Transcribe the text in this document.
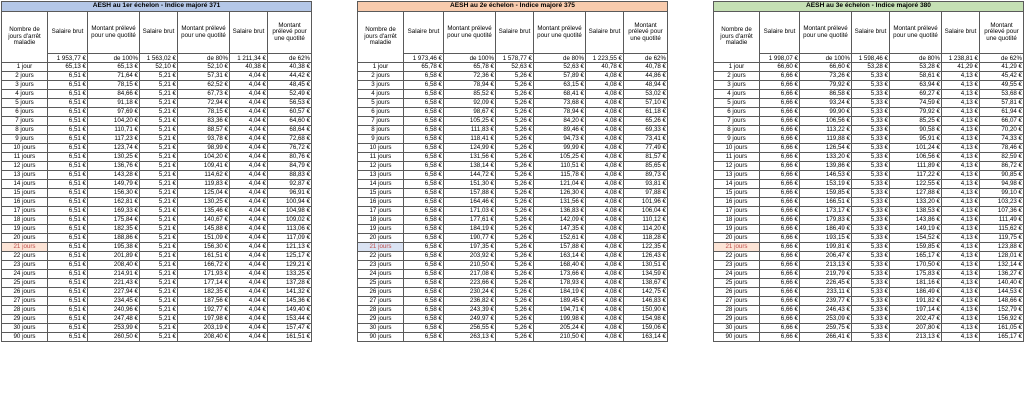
AESH au 1er échelon - Indice majoré 371						
Nombre de jours d'arrêt maladie	Salaire brut	Montant prélevé pour une quotité	Salaire brut	Montant prélevé pour une quotité	Salaire brut	Montant prélevé pour une quotité
	1 953,77 €	de 100%	1 563,02 €	de 80%	1 211,34 €	de 62%
1 jour	65,13 €	65,13 €	52,10 €	52,10 €	40,38 €	40,38 €
2 jours	6,51 €	71,64 €	5,21 €	57,31 €	4,04 €	44,42 €
3 jours	6,51 €	78,15 €	5,21 €	62,52 €	4,04 €	48,45 €
4 jours	6,51 €	84,66 €	5,21 €	67,73 €	4,04 €	52,49 €
5 jours	6,51 €	91,18 €	5,21 €	72,94 €	4,04 €	56,53 €
6 jours	6,51 €	97,69 €	5,21 €	78,15 €	4,04 €	60,57 €
7 jours	6,51 €	104,20 €	5,21 €	83,36 €	4,04 €	64,60 €
8 jours	6,51 €	110,71 €	5,21 €	88,57 €	4,04 €	68,64 €
9 jours	6,51 €	117,23 €	5,21 €	93,78 €	4,04 €	72,68 €
10 jours	6,51 €	123,74 €	5,21 €	98,99 €	4,04 €	76,72 €
11 jours	6,51 €	130,25 €	5,21 €	104,20 €	4,04 €	80,76 €
12 jours	6,51 €	136,76 €	5,21 €	109,41 €	4,04 €	84,79 €
13 jours	6,51 €	143,28 €	5,21 €	114,62 €	4,04 €	88,83 €
14 jours	6,51 €	149,79 €	5,21 €	119,83 €	4,04 €	92,87 €
15 jours	6,51 €	156,30 €	5,21 €	125,04 €	4,04 €	96,91 €
16 jours	6,51 €	162,81 €	5,21 €	130,25 €	4,04 €	100,94 €
17 jours	6,51 €	169,33 €	5,21 €	135,46 €	4,04 €	104,98 €
18 jours	6,51 €	175,84 €	5,21 €	140,67 €	4,04 €	109,02 €
19 jours	6,51 €	182,35 €	5,21 €	145,88 €	4,04 €	113,06 €
20 jours	6,51 €	188,86 €	5,21 €	151,09 €	4,04 €	117,09 €
21 jours	6,51 €	195,38 €	5,21 €	156,30 €	4,04 €	121,13 €
22 jours	6,51 €	201,89 €	5,21 €	161,51 €	4,04 €	125,17 €
23 jours	6,51 €	208,40 €	5,21 €	166,72 €	4,04 €	129,21 €
24 jours	6,51 €	214,91 €	5,21 €	171,93 €	4,04 €	133,25 €
25 jours	6,51 €	221,43 €	5,21 €	177,14 €	4,04 €	137,28 €
26 jours	6,51 €	227,94 €	5,21 €	182,35 €	4,04 €	141,32 €
27 jours	6,51 €	234,45 €	5,21 €	187,56 €	4,04 €	145,36 €
28 jours	6,51 €	240,96 €	5,21 €	192,77 €	4,04 €	149,40 €
29 jours	6,51 €	247,48 €	5,21 €	197,98 €	4,04 €	153,44 €
30 jours	6,51 €	253,99 €	5,21 €	203,19 €	4,04 €	157,47 €
90 jours	6,51 €	260,50 €	5,21 €	208,40 €	4,04 €	161,51 €
AESH au 2e échelon - Indice majoré 375						
Nombre de jours d'arrêt maladie	Salaire brut	Montant prélevé pour une quotité	Salaire brut	Montant prélevé pour une quotité	Salaire brut	Montant prélevé pour une quotité
	1 973,46 €	de 100%	1 578,77 €	de 80%	1 223,55 €	de 62%
1 jour	65,78 €	65,78 €	52,63 €	52,63 €	40,78 €	40,78 €
2 jours	6,58 €	72,36 €	5,26 €	57,89 €	4,08 €	44,86 €
3 jours	6,58 €	78,94 €	5,26 €	63,15 €	4,08 €	48,94 €
4 jours	6,58 €	85,52 €	5,26 €	68,41 €	4,08 €	53,02 €
5 jours	6,58 €	92,09 €	5,26 €	73,68 €	4,08 €	57,10 €
6 jours	6,58 €	98,67 €	5,26 €	78,94 €	4,08 €	61,18 €
7 jours	6,58 €	105,25 €	5,26 €	84,20 €	4,08 €	65,26 €
8 jours	6,58 €	111,83 €	5,26 €	89,46 €	4,08 €	69,33 €
9 jours	6,58 €	118,41 €	5,26 €	94,73 €	4,08 €	73,41 €
10 jours	6,58 €	124,99 €	5,26 €	99,99 €	4,08 €	77,49 €
11 jours	6,58 €	131,56 €	5,26 €	105,25 €	4,08 €	81,57 €
12 jours	6,58 €	138,14 €	5,26 €	110,51 €	4,08 €	85,65 €
13 jours	6,58 €	144,72 €	5,26 €	115,78 €	4,08 €	89,73 €
14 jours	6,58 €	151,30 €	5,26 €	121,04 €	4,08 €	93,81 €
15 jours	6,58 €	157,88 €	5,26 €	126,30 €	4,08 €	97,88 €
16 jours	6,58 €	164,46 €	5,26 €	131,56 €	4,08 €	101,96 €
17 jours	6,58 €	171,03 €	5,26 €	136,83 €	4,08 €	106,04 €
18 jours	6,58 €	177,61 €	5,26 €	142,09 €	4,08 €	110,12 €
19 jours	6,58 €	184,19 €	5,26 €	147,35 €	4,08 €	114,20 €
20 jours	6,58 €	190,77 €	5,26 €	152,61 €	4,08 €	118,28 €
21 jours	6,58 €	197,35 €	5,26 €	157,88 €	4,08 €	122,35 €
22 jours	6,58 €	203,92 €	5,26 €	163,14 €	4,08 €	126,43 €
23 jours	6,58 €	210,50 €	5,26 €	168,40 €	4,08 €	130,51 €
24 jours	6,58 €	217,08 €	5,26 €	173,66 €	4,08 €	134,59 €
25 jours	6,58 €	223,66 €	5,26 €	178,93 €	4,08 €	138,67 €
26 jours	6,58 €	230,24 €	5,26 €	184,19 €	4,08 €	142,75 €
27 jours	6,58 €	236,82 €	5,26 €	189,45 €	4,08 €	146,83 €
28 jours	6,58 €	243,39 €	5,26 €	194,71 €	4,08 €	150,90 €
29 jours	6,58 €	249,97 €	5,26 €	199,98 €	4,08 €	154,98 €
30 jours	6,58 €	256,55 €	5,26 €	205,24 €	4,08 €	159,06 €
90 jours	6,58 €	263,13 €	5,26 €	210,50 €	4,08 €	163,14 €
AESH au 3e échelon - Indice majoré 380						
Nombre de jours d'arrêt maladie	Salaire brut	Montant prélevé pour une quotité	Salaire brut	Montant prélevé pour une quotité	Salaire brut	Montant prélevé pour une quotité
	1 998,07 €	de 100%	1 598,46 €	de 80%	1 238,81 €	de 62%
1 jour	66,60 €	66,60 €	53,28 €	53,28 €	41,29 €	41,29 €
2 jours	6,66 €	73,26 €	5,33 €	58,61 €	4,13 €	45,42 €
3 jours	6,66 €	79,92 €	5,33 €	63,94 €	4,13 €	49,55 €
4 jours	6,66 €	86,58 €	5,33 €	69,27 €	4,13 €	53,68 €
5 jours	6,66 €	93,24 €	5,33 €	74,59 €	4,13 €	57,81 €
6 jours	6,66 €	99,90 €	5,33 €	79,92 €	4,13 €	61,94 €
7 jours	6,66 €	106,56 €	5,33 €	85,25 €	4,13 €	66,07 €
8 jours	6,66 €	113,22 €	5,33 €	90,58 €	4,13 €	70,20 €
9 jours	6,66 €	119,88 €	5,33 €	95,91 €	4,13 €	74,33 €
10 jours	6,66 €	126,54 €	5,33 €	101,24 €	4,13 €	78,46 €
11 jours	6,66 €	133,20 €	5,33 €	106,56 €	4,13 €	82,59 €
12 jours	6,66 €	139,86 €	5,33 €	111,89 €	4,13 €	86,72 €
13 jours	6,66 €	146,53 €	5,33 €	117,22 €	4,13 €	90,85 €
14 jours	6,66 €	153,19 €	5,33 €	122,55 €	4,13 €	94,98 €
15 jours	6,66 €	159,85 €	5,33 €	127,88 €	4,13 €	99,10 €
16 jours	6,66 €	166,51 €	5,33 €	133,20 €	4,13 €	103,23 €
17 jours	6,66 €	173,17 €	5,33 €	138,53 €	4,13 €	107,36 €
18 jours	6,66 €	179,83 €	5,33 €	143,86 €	4,13 €	111,49 €
19 jours	6,66 €	186,49 €	5,33 €	149,19 €	4,13 €	115,62 €
20 jours	6,66 €	193,15 €	5,33 €	154,52 €	4,13 €	119,75 €
21 jours	6,66 €	199,81 €	5,33 €	159,85 €	4,13 €	123,88 €
22 jours	6,66 €	206,47 €	5,33 €	165,17 €	4,13 €	128,01 €
23 jours	6,66 €	213,13 €	5,33 €	170,50 €	4,13 €	132,14 €
24 jours	6,66 €	219,79 €	5,33 €	175,83 €	4,13 €	136,27 €
25 jours	6,66 €	226,45 €	5,33 €	181,16 €	4,13 €	140,40 €
26 jours	6,66 €	233,11 €	5,33 €	186,49 €	4,13 €	144,53 €
27 jours	6,66 €	239,77 €	5,33 €	191,82 €	4,13 €	148,66 €
28 jours	6,66 €	246,43 €	5,33 €	197,14 €	4,13 €	152,79 €
29 jours	6,66 €	253,09 €	5,33 €	202,47 €	4,13 €	156,92 €
30 jours	6,66 €	259,75 €	5,33 €	207,80 €	4,13 €	161,05 €
90 jours	6,66 €	266,41 €	5,33 €	213,13 €	4,13 €	165,17 €
